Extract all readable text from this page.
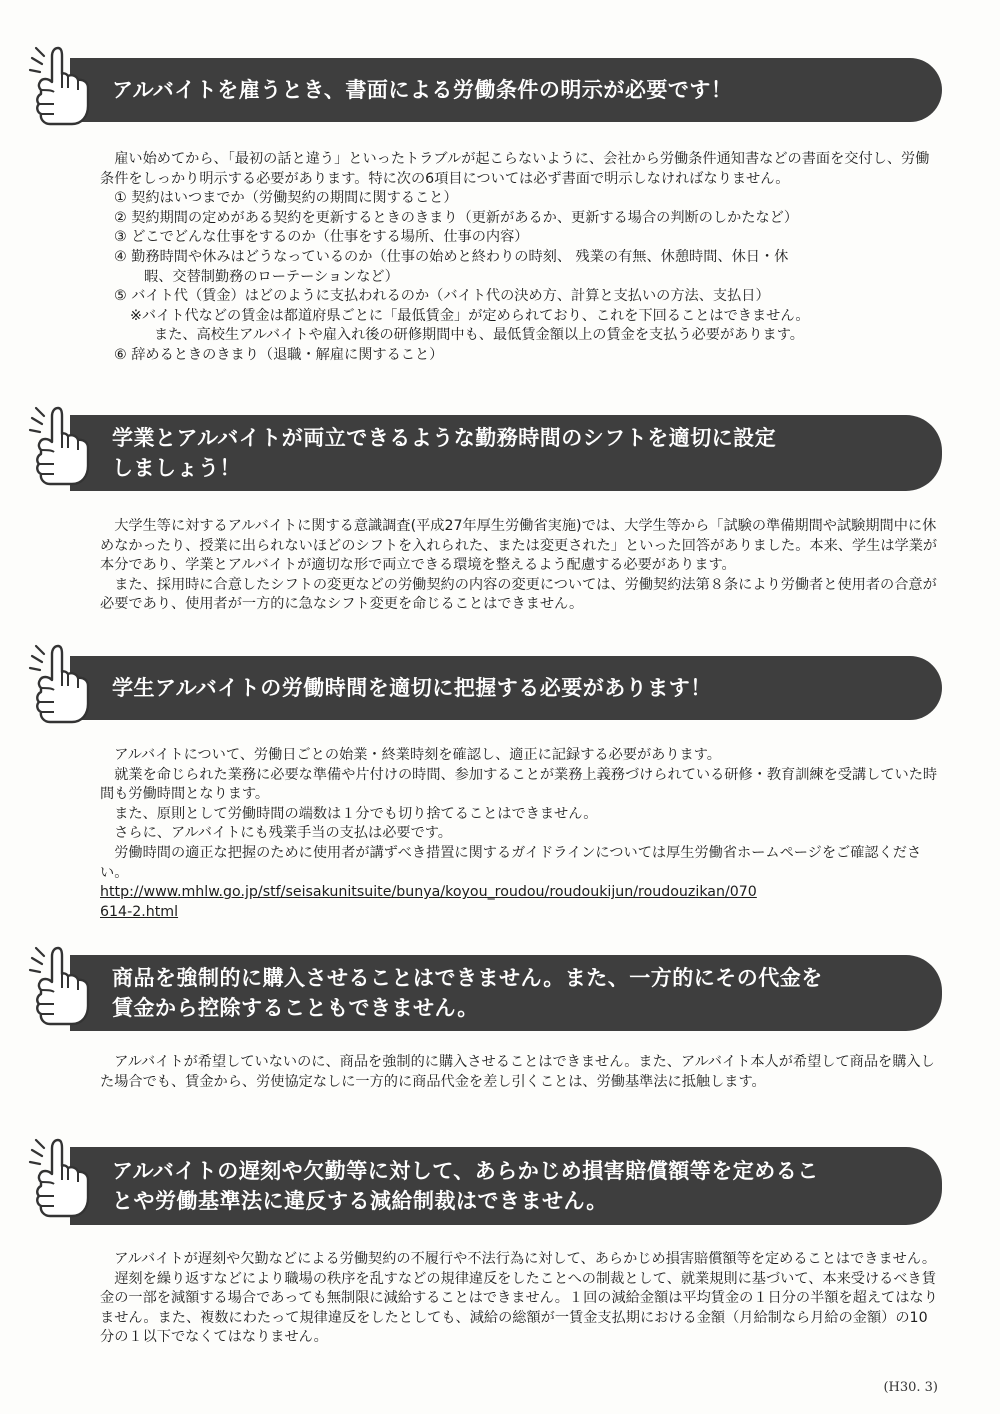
アルバイトを雇うとき、書面による労働条件の明示が必要です！

雇い始めてから、「最初の話と違う」といったトラブルが起こらないように、会社から労働条件通知書などの書面を交付し、労働条件をしっかり明示する必要があります。特に次の6項目については必ず書面で明示しなければなりません。

① 契約はいつまでか（労働契約の期間に関すること）

② 契約期間の定めがある契約を更新するときのきまり（更新があるか、更新する場合の判断のしかたなど）

③ どこでどんな仕事をするのか（仕事をする場所、仕事の内容）

④ 勤務時間や休みはどうなっているのか（仕事の始めと終わりの時刻、 残業の有無、休憩時間、休日・休

暇、交替制勤務のローテーションなど）

⑤ バイト代（賃金）はどのように支払われるのか（バイト代の決め方、計算と支払いの方法、支払日）

※バイト代などの賃金は都道府県ごとに「最低賃金」が定められており、これを下回ることはできません。

また、高校生アルバイトや雇入れ後の研修期間中も、最低賃金額以上の賃金を支払う必要があります。

⑥ 辞めるときのきまり（退職・解雇に関すること）

学業とアルバイトが両立できるような勤務時間のシフトを適切に設定
しましょう！

大学生等に対するアルバイトに関する意識調査(平成27年厚生労働省実施)では、大学生等から「試験の準備期間や試験期間中に休めなかったり、授業に出られないほどのシフトを入れられた、または変更された」といった回答がありました。本来、学生は学業が本分であり、学業とアルバイトが適切な形で両立できる環境を整えるよう配慮する必要があります。

また、採用時に合意したシフトの変更などの労働契約の内容の変更については、労働契約法第８条により労働者と使用者の合意が必要であり、使用者が一方的に急なシフト変更を命じることはできません。

学生アルバイトの労働時間を適切に把握する必要があります！

アルバイトについて、労働日ごとの始業・終業時刻を確認し、適正に記録する必要があります。

就業を命じられた業務に必要な準備や片付けの時間、参加することが業務上義務づけられている研修・教育訓練を受講していた時間も労働時間となります。

また、原則として労働時間の端数は１分でも切り捨てることはできません。

さらに、アルバイトにも残業手当の支払は必要です。

労働時間の適正な把握のために使用者が講ずべき措置に関するガイドラインについては厚生労働省ホームページをご確認ください。

http://www.mhlw.go.jp/stf/seisakunitsuite/bunya/koyou_roudou/roudoukijun/roudouzikan/070

614-2.html

商品を強制的に購入させることはできません。また、一方的にその代金を
賃金から控除することもできません。

アルバイトが希望していないのに、商品を強制的に購入させることはできません。また、アルバイト本人が希望して商品を購入した場合でも、賃金から、労使協定なしに一方的に商品代金を差し引くことは、労働基準法に抵触します。

アルバイトの遅刻や欠勤等に対して、あらかじめ損害賠償額等を定めるこ
とや労働基準法に違反する減給制裁はできません。

アルバイトが遅刻や欠勤などによる労働契約の不履行や不法行為に対して、あらかじめ損害賠償額等を定めることはできません。

遅刻を繰り返すなどにより職場の秩序を乱すなどの規律違反をしたことへの制裁として、就業規則に基づいて、本来受けるべき賃金の一部を減額する場合であっても無制限に減給することはできません。１回の減給金額は平均賃金の１日分の半額を超えてはなりません。また、複数にわたって規律違反をしたとしても、減給の総額が一賃金支払期における金額（月給制なら月給の金額）の10分の１以下でなくてはなりません。

(H30. 3)
